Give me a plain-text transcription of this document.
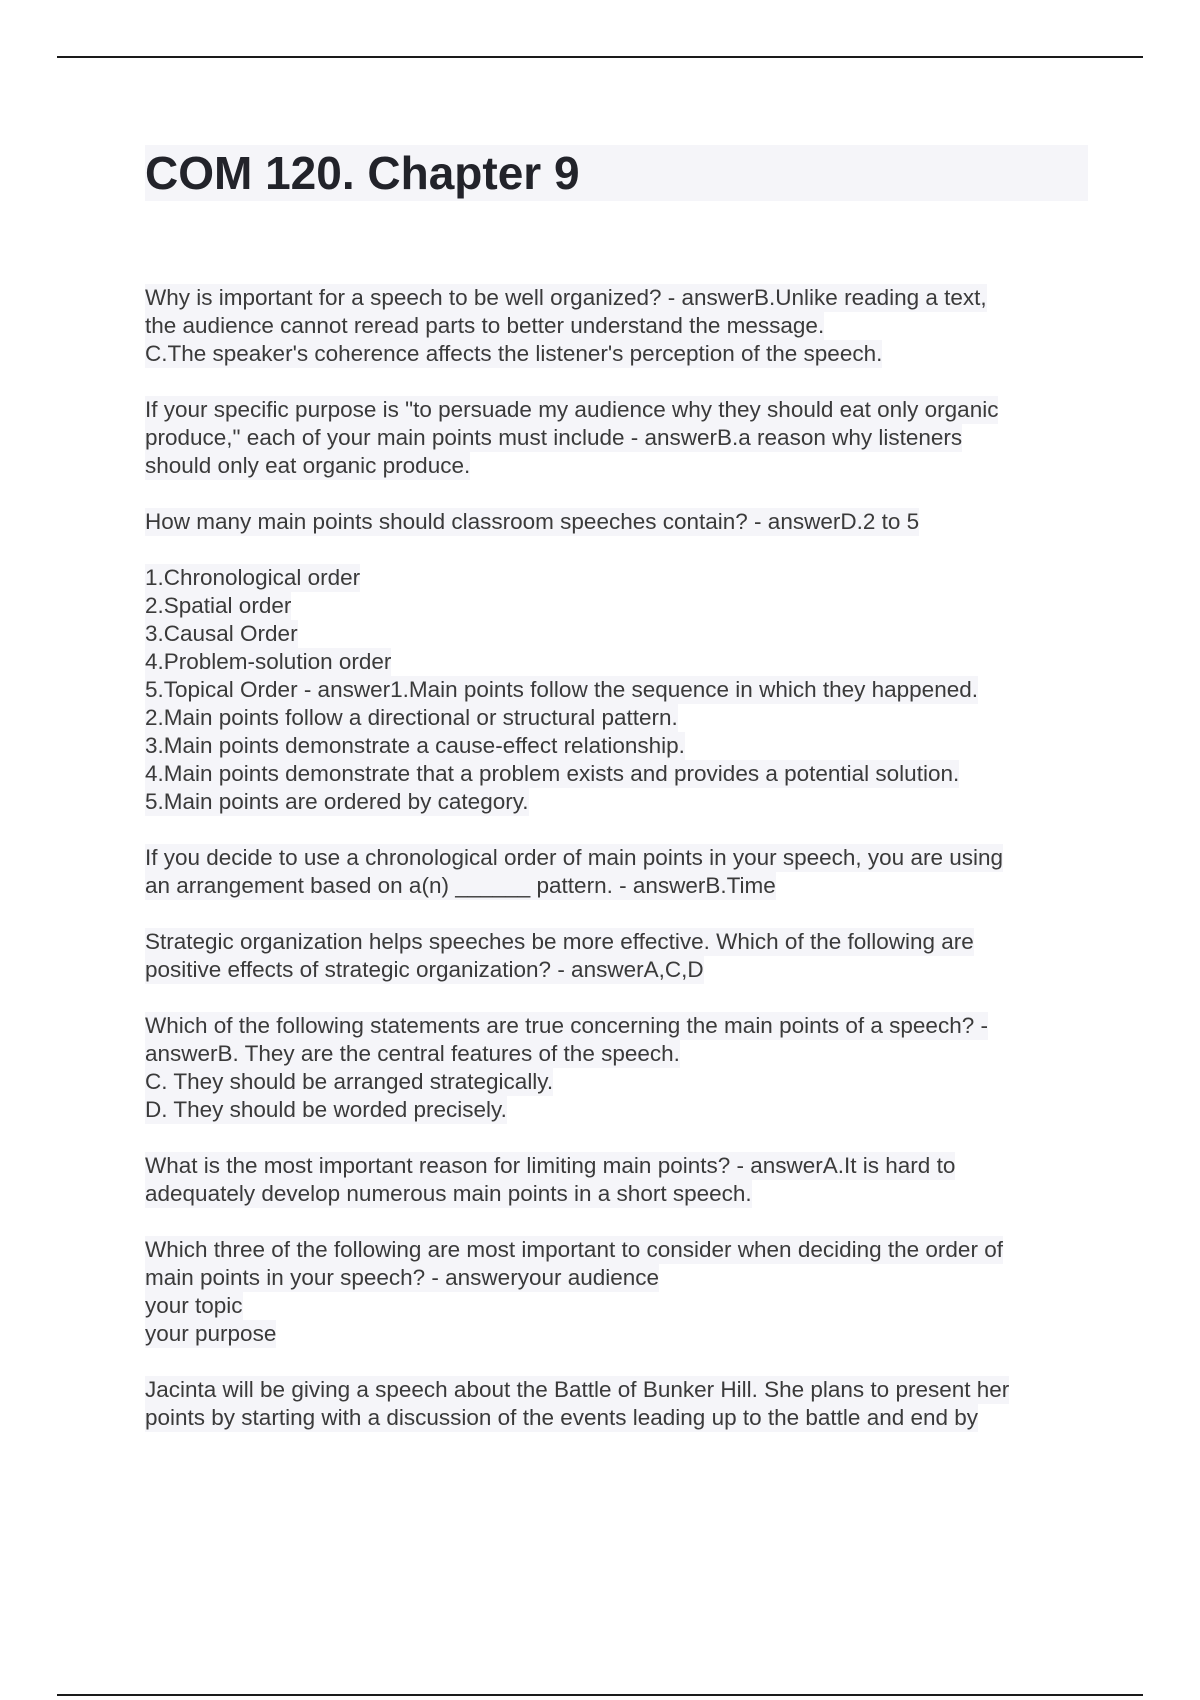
COM 120. Chapter 9
Why is important for a speech to be well organized? - answerB.Unlike reading a text,
the audience cannot reread parts to better understand the message.
C.The speaker's coherence affects the listener's perception of the speech.
If your specific purpose is "to persuade my audience why they should eat only organic
produce," each of your main points must include - answerB.a reason why listeners
should only eat organic produce.
How many main points should classroom speeches contain? - answerD.2 to 5
1.Chronological order
2.Spatial order
3.Causal Order
4.Problem-solution order
5.Topical Order - answer1.Main points follow the sequence in which they happened.
2.Main points follow a directional or structural pattern.
3.Main points demonstrate a cause-effect relationship.
4.Main points demonstrate that a problem exists and provides a potential solution.
5.Main points are ordered by category.
If you decide to use a chronological order of main points in your speech, you are using
an arrangement based on a(n) ______ pattern. - answerB.Time
Strategic organization helps speeches be more effective. Which of the following are
positive effects of strategic organization? - answerA,C,D
Which of the following statements are true concerning the main points of a speech? -
answerB. They are the central features of the speech.
C. They should be arranged strategically.
D. They should be worded precisely.
What is the most important reason for limiting main points? - answerA.It is hard to
adequately develop numerous main points in a short speech.
Which three of the following are most important to consider when deciding the order of
main points in your speech? - answeryour audience
your topic
your purpose
Jacinta will be giving a speech about the Battle of Bunker Hill. She plans to present her
points by starting with a discussion of the events leading up to the battle and end by
